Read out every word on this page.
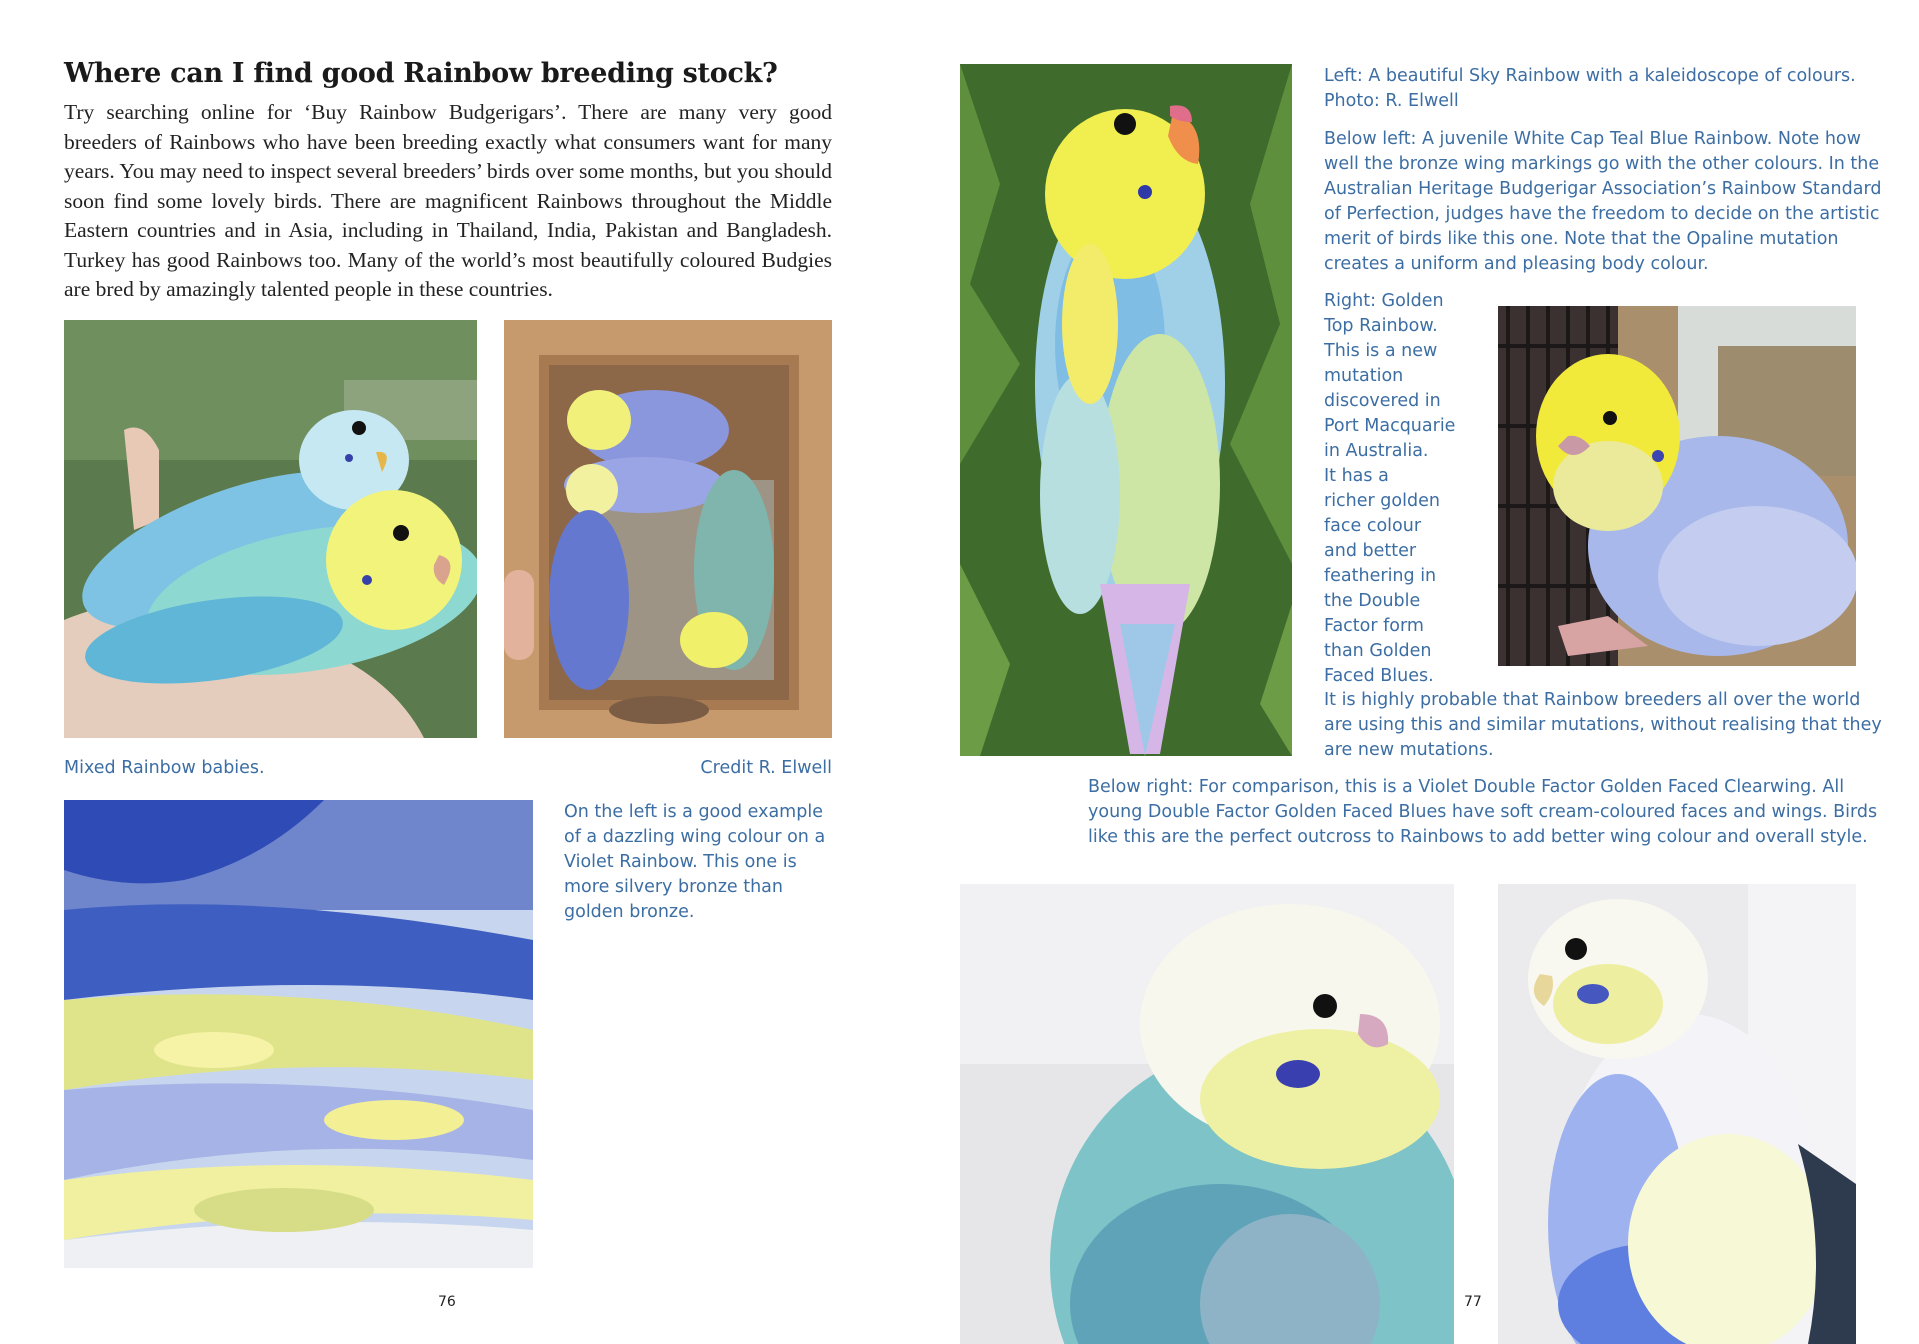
Where can I find good Rainbow breeding stock?

Try searching online for ‘Buy Rainbow Budgerigars’. There are many very good breeders of Rainbows who have been breeding exactly what consumers want for many years. You may need to inspect several breeders’ birds over some months, but you should soon find some lovely birds. There are magnificent Rainbows throughout the Middle Eastern countries and in Asia, including in Thailand, India, Pakistan and Bangladesh. Turkey has good Rainbows too. Many of the world’s most beautifully coloured Budgies are bred by amazingly talented people in these countries.

Mixed Rainbow babies.	Credit R. Elwell

On the left is a good example of a dazzling wing colour on a Violet Rainbow. This one is more silvery bronze than golden bronze.

76

Left: A beautiful Sky Rainbow with a kaleidoscope of colours. Photo: R. Elwell

Below left: A juvenile White Cap Teal Blue Rainbow. Note how well the bronze wing markings go with the other colours. In the Australian Heritage Budgerigar Association’s Rainbow Standard of Perfection, judges have the freedom to decide on the artistic merit of birds like this one. Note that the Opaline mutation creates a uniform and pleasing body colour.

Right: Golden

Top Rainbow.

This is a new

mutation

discovered in

Port Macquarie

in Australia.

It has a

richer golden

face colour

and better

feathering in

the Double

Factor form

than Golden

Faced Blues.

It is highly probable that Rainbow breeders all over the world are using this and similar mutations, without realising that they are new mutations.

Below right: For comparison, this is a Violet Double Factor Golden Faced Clearwing. All young Double Factor Golden Faced Blues have soft cream-coloured faces and wings. Birds like this are the perfect outcross to Rainbows to add better wing colour and overall style.

77
